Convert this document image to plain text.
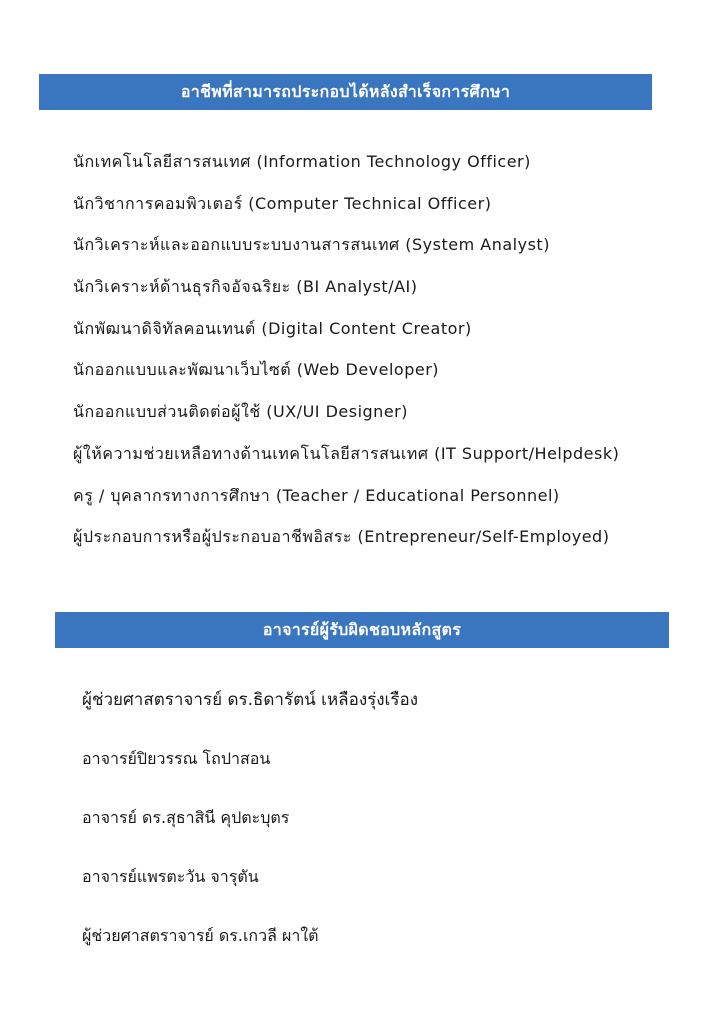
อาชีพที่สามารถประกอบได้หลังสำเร็จการศึกษา
นักเทคโนโลยีสารสนเทศ (Information Technology Officer)
นักวิชาการคอมพิวเตอร์ (Computer Technical Officer)
นักวิเคราะห์และออกแบบระบบงานสารสนเทศ (System Analyst)
นักวิเคราะห์ด้านธุรกิจอัจฉริยะ (BI Analyst/AI)
นักพัฒนาดิจิทัลคอนเทนต์ (Digital Content Creator)
นักออกแบบและพัฒนาเว็บไซต์ (Web Developer)
นักออกแบบส่วนติดต่อผู้ใช้ (UX/UI Designer)
ผู้ให้ความช่วยเหลือทางด้านเทคโนโลยีสารสนเทศ (IT Support/Helpdesk)
ครู / บุคลากรทางการศึกษา (Teacher / Educational Personnel)
ผู้ประกอบการหรือผู้ประกอบอาชีพอิสระ (Entrepreneur/Self-Employed)
อาจารย์ผู้รับผิดชอบหลักสูตร
ผู้ช่วยศาสตราจารย์ ดร.ธิดารัตน์ เหลืองรุ่งเรือง
อาจารย์ปิยวรรณ โถปาสอน
อาจารย์ ดร.สุธาสินี คุปตะบุตร
อาจารย์แพรตะวัน จารุตัน
ผู้ช่วยศาสตราจารย์ ดร.เกวลี ผาใต้
